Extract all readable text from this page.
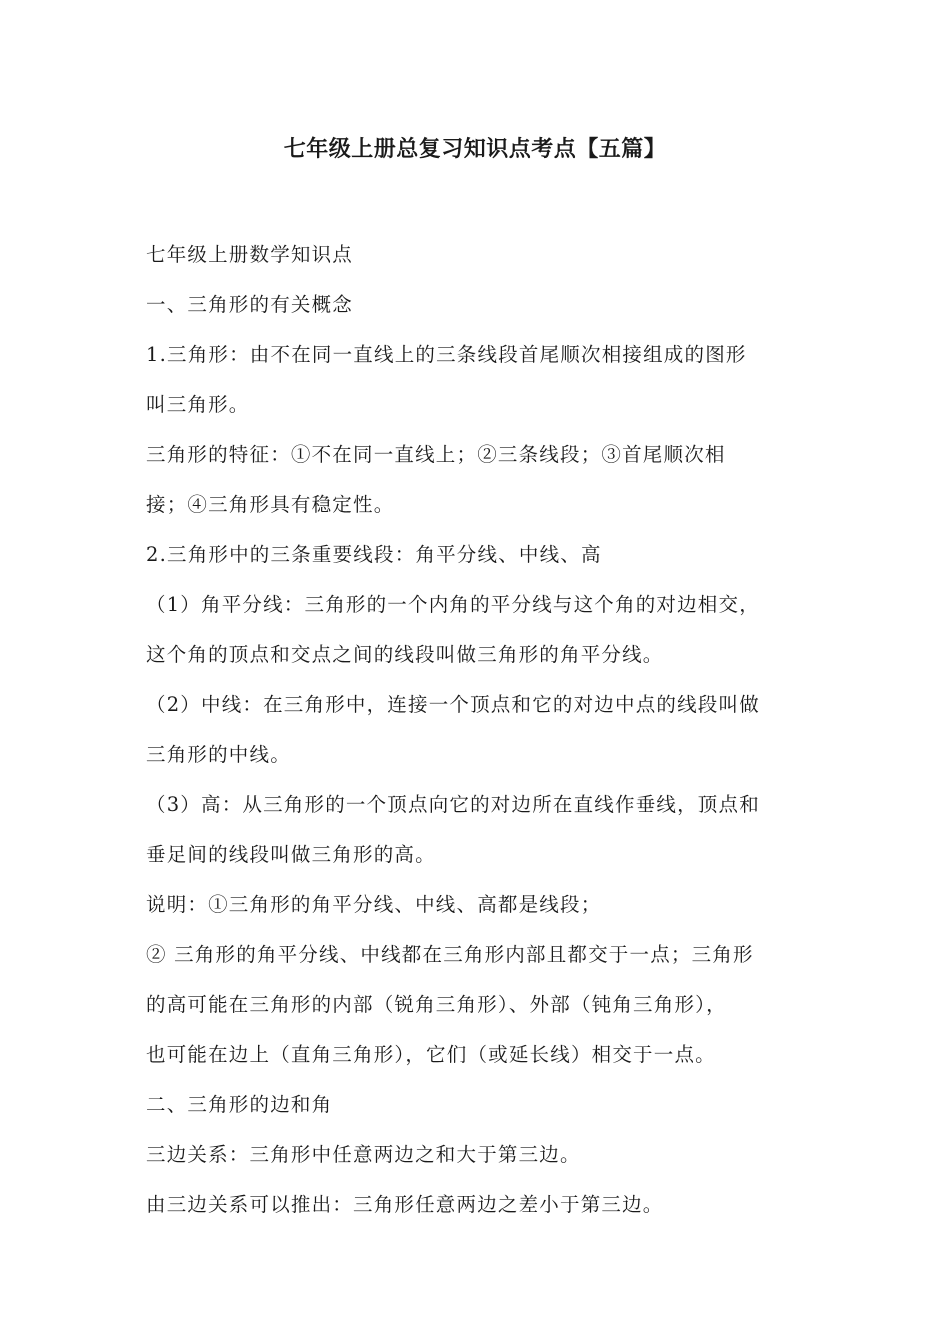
七年级上册总复习知识点考点【五篇】

七年级上册数学知识点

一、三角形的有关概念

1.三角形：由不在同一直线上的三条线段首尾顺次相接组成的图形

叫三角形。

三角形的特征：①不在同一直线上；②三条线段；③首尾顺次相

接；④三角形具有稳定性。

2.三角形中的三条重要线段：角平分线、中线、高

（1）角平分线：三角形的一个内角的平分线与这个角的对边相交，

这个角的顶点和交点之间的线段叫做三角形的角平分线。

（2）中线：在三角形中，连接一个顶点和它的对边中点的线段叫做

三角形的中线。

（3）高：从三角形的一个顶点向它的对边所在直线作垂线，顶点和

垂足间的线段叫做三角形的高。

说明：①三角形的角平分线、中线、高都是线段；

② 三角形的角平分线、中线都在三角形内部且都交于一点；三角形

的高可能在三角形的内部（锐角三角形）、外部（钝角三角形），

也可能在边上（直角三角形），它们（或延长线）相交于一点。

二、三角形的边和角

三边关系：三角形中任意两边之和大于第三边。

由三边关系可以推出：三角形任意两边之差小于第三边。
